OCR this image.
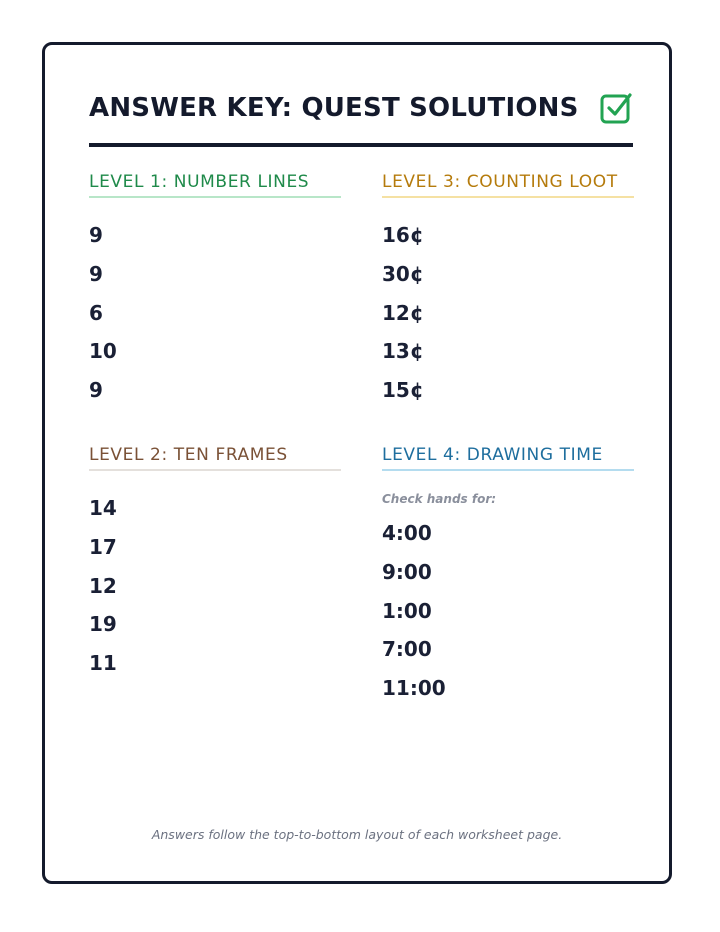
ANSWER KEY: QUEST SOLUTIONS
LEVEL 1: NUMBER LINES
9
9
6
10
9
LEVEL 2: TEN FRAMES
14
17
12
19
11
LEVEL 3: COUNTING LOOT
16¢
30¢
12¢
13¢
15¢
LEVEL 4: DRAWING TIME
Check hands for:
4:00
9:00
1:00
7:00
11:00
Answers follow the top-to-bottom layout of each worksheet page.
